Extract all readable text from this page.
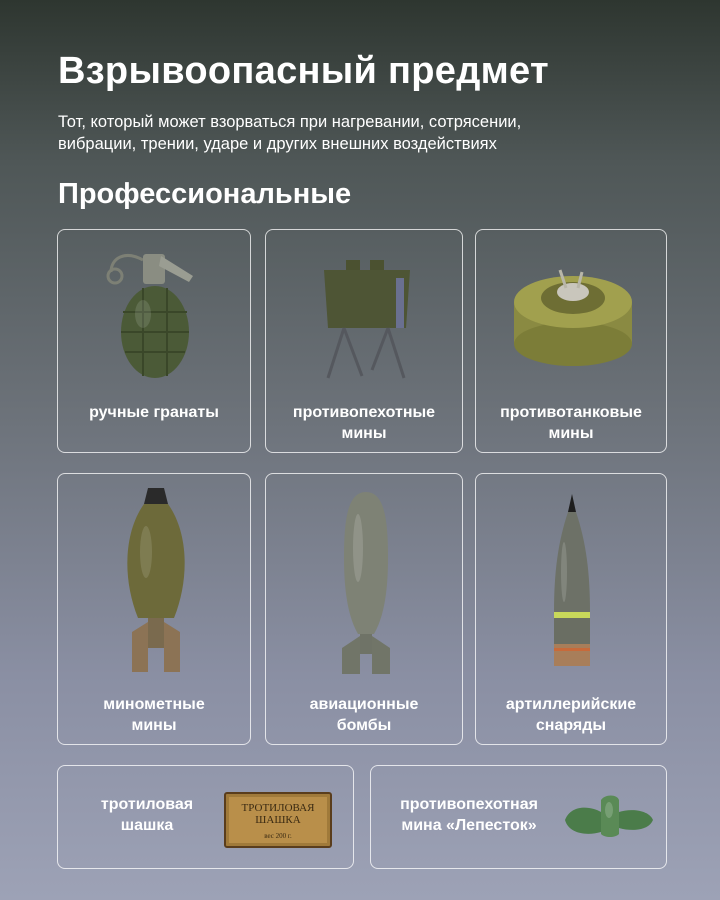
Взрывоопасный предмет

Тот, который может взорваться при нагревании, сотрясении,
вибрации, трении, ударе и других внешних воздействиях

Профессиональные
ручные гранаты	противопехотные
мины
противотанковые
мины
минометные
мины
авиационные
бомбы
артиллерийские
снаряды
тротиловая
шашка
ТРОТИЛОВАЯ
ШАШКА
вес 200 г.
противопехотная
мина «Лепесток»
